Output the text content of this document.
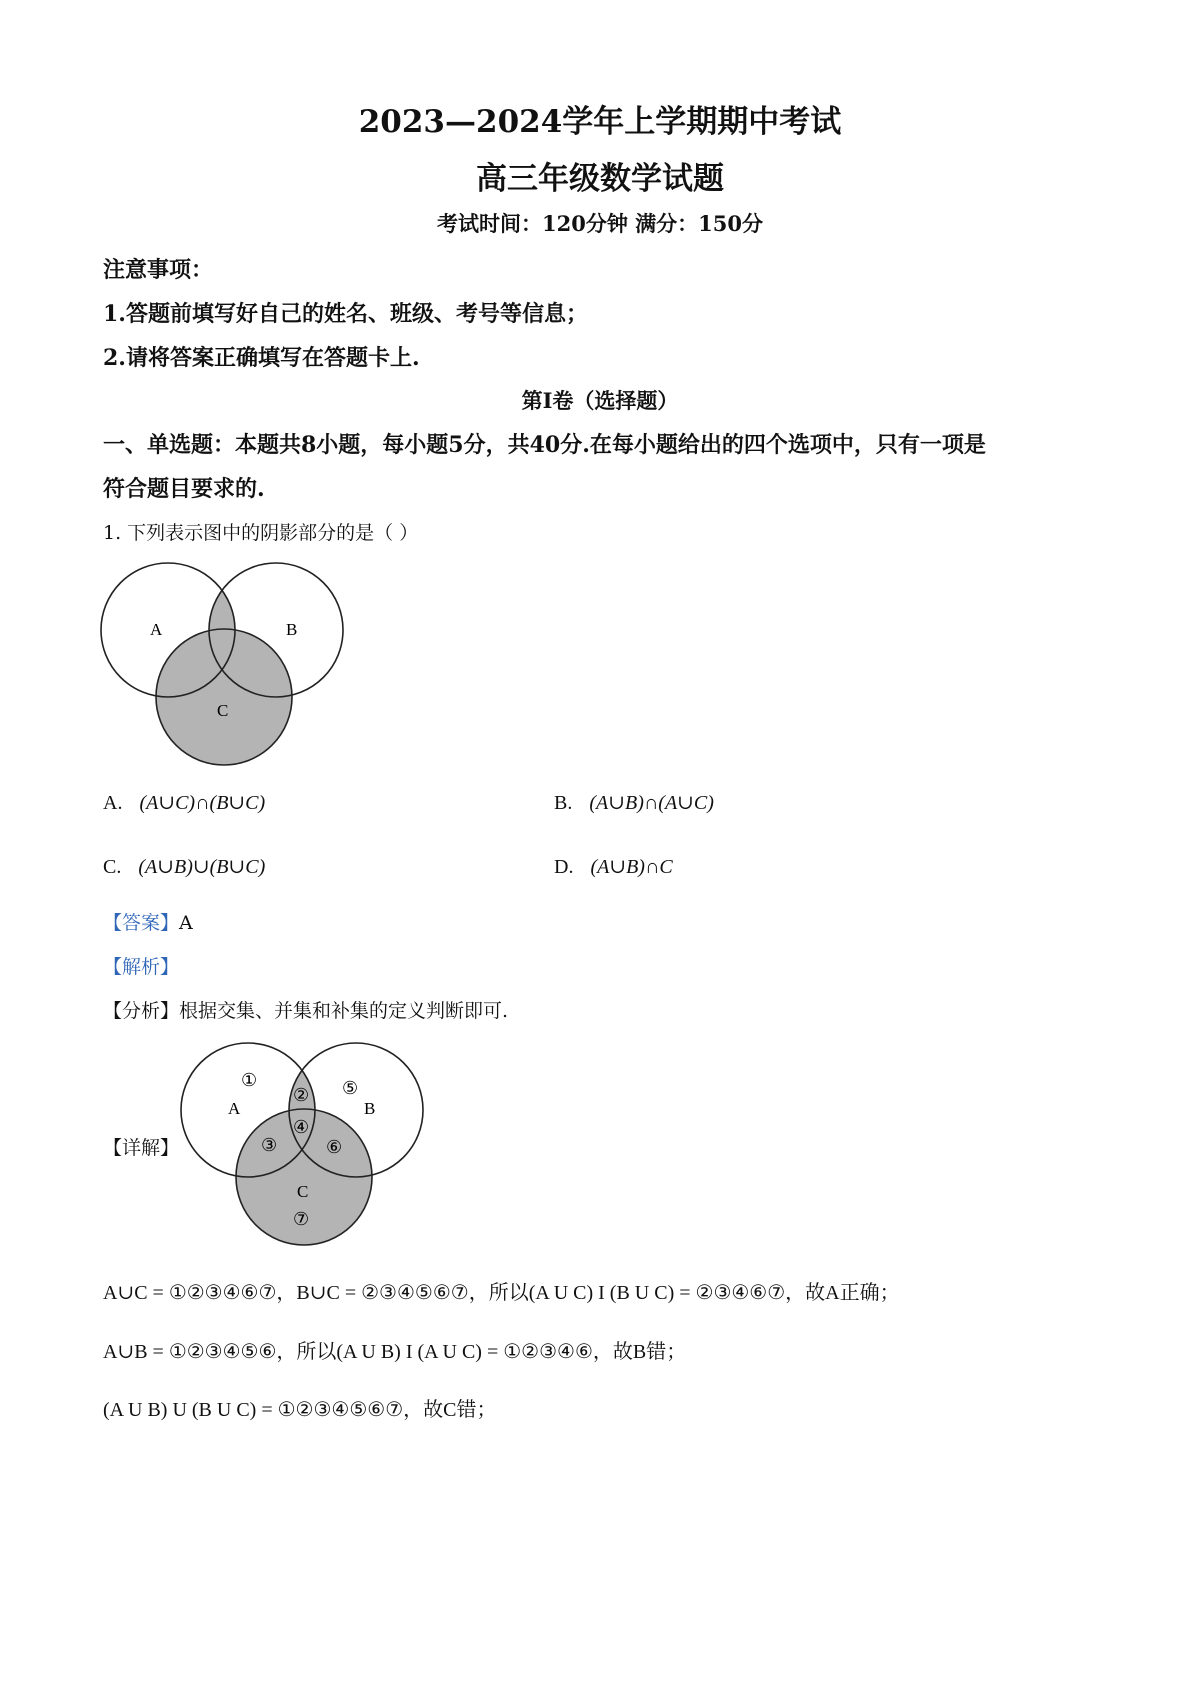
2023—2024学年上学期期中考试
高三年级数学试题
考试时间：120分钟 满分：150分
注意事项：
1.答题前填写好自己的姓名、班级、考号等信息；
2.请将答案正确填写在答题卡上.
第Ⅰ卷（选择题）
一、单选题：本题共8小题，每小题5分，共40分.在每小题给出的四个选项中，只有一项是
符合题目要求的.
1. 下列表示图中的阴影部分的是（ ）
A	B
C
A. (A∪C)∩(B∪C)	B. (A∪B)∩(A∪C)
C. (A∪B)∪(B∪C)	D. (A∪B)∩C
【答案】A
【解析】
【分析】根据交集、并集和补集的定义判断即可.
【详解】
①
A
② ⑤
B
④
③	⑥
C
⑦
A∪C = ①②③④⑥⑦，B∪C = ②③④⑤⑥⑦，所以(A U C) I (B U C) = ②③④⑥⑦，故A正确；
A∪B = ①②③④⑤⑥，所以(A U B) I (A U C) = ①②③④⑥，故B错；
(A U B) U (B U C) = ①②③④⑤⑥⑦，故C错；
